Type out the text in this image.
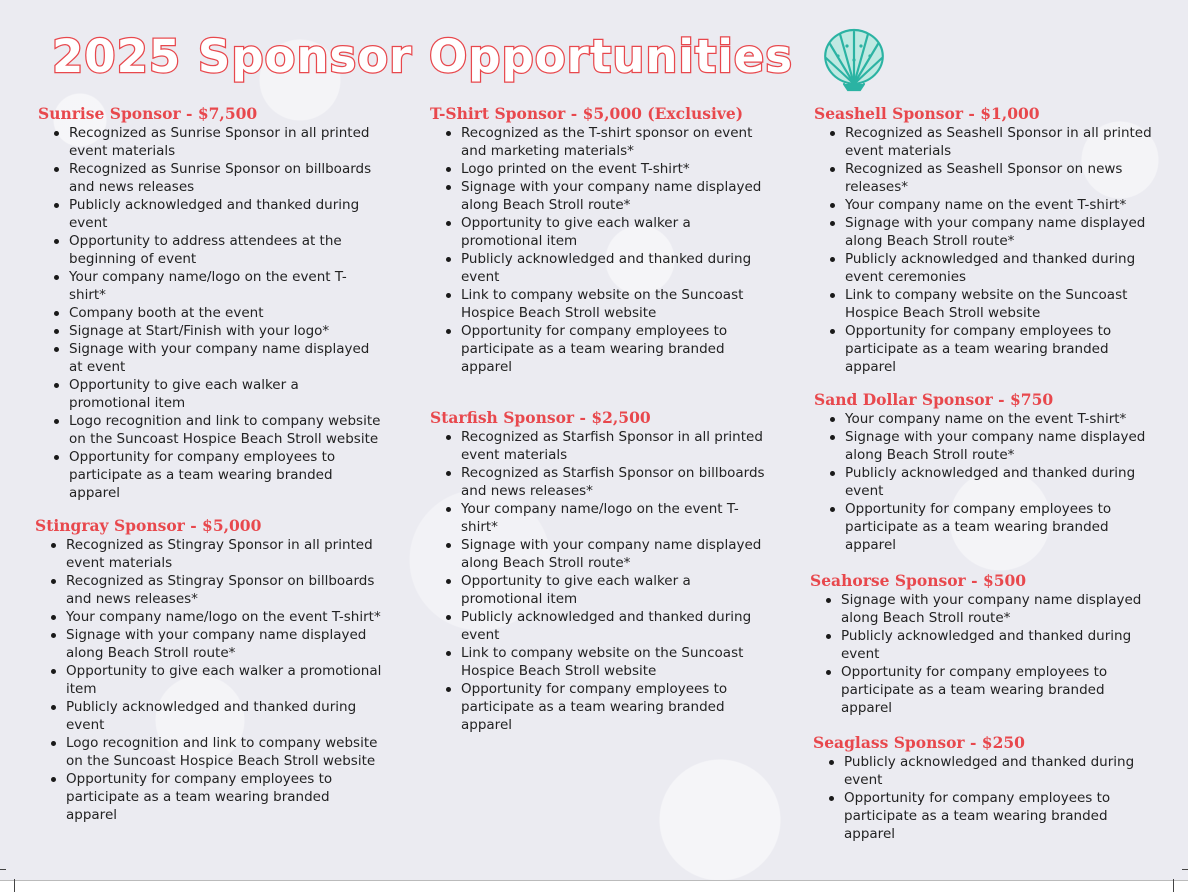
2025 Sponsor Opportunities
Sunrise Sponsor - $7,500
Recognized as Sunrise Sponsor in all printed event materials
Recognized as Sunrise Sponsor on billboards and news releases
Publicly acknowledged and thanked during event
Opportunity to address attendees at the beginning of event
Your company name/logo on the event T-shirt*
Company booth at the event
Signage at Start/Finish with your logo*
Signage with your company name displayed at event
Opportunity to give each walker a promotional item
Logo recognition and link to company website on the Suncoast Hospice Beach Stroll website
Opportunity for company employees to participate as a team wearing branded apparel
Stingray Sponsor - $5,000
Recognized as Stingray Sponsor in all printed event materials
Recognized as Stingray Sponsor on billboards and news releases*
Your company name/logo on the event T-shirt*
Signage with your company name displayed along Beach Stroll route*
Opportunity to give each walker a promotional item
Publicly acknowledged and thanked during event
Logo recognition and link to company website on the Suncoast Hospice Beach Stroll website
Opportunity for company employees to participate as a team wearing branded apparel
T-Shirt Sponsor - $5,000 (Exclusive)
Recognized as the T-shirt sponsor on event and marketing materials*
Logo printed on the event T-shirt*
Signage with your company name displayed along Beach Stroll route*
Opportunity to give each walker a promotional item
Publicly acknowledged and thanked during event
Link to company website on the Suncoast Hospice Beach Stroll website
Opportunity for company employees to participate as a team wearing branded apparel
Starfish Sponsor - $2,500
Recognized as Starfish Sponsor in all printed event materials
Recognized as Starfish Sponsor on billboards and news releases*
Your company name/logo on the event T-shirt*
Signage with your company name displayed along Beach Stroll route*
Opportunity to give each walker a promotional item
Publicly acknowledged and thanked during event
Link to company website on the Suncoast Hospice Beach Stroll website
Opportunity for company employees to participate as a team wearing branded apparel
Seashell Sponsor - $1,000
Recognized as Seashell Sponsor in all printed event materials
Recognized as Seashell Sponsor on news releases*
Your company name on the event T-shirt*
Signage with your company name displayed along Beach Stroll route*
Publicly acknowledged and thanked during event ceremonies
Link to company website on the Suncoast Hospice Beach Stroll website
Opportunity for company employees to participate as a team wearing branded apparel
Sand Dollar Sponsor - $750
Your company name on the event T-shirt*
Signage with your company name displayed along Beach Stroll route*
Publicly acknowledged and thanked during event
Opportunity for company employees to participate as a team wearing branded apparel
Seahorse Sponsor - $500
Signage with your company name displayed along Beach Stroll route*
Publicly acknowledged and thanked during event
Opportunity for company employees to participate as a team wearing branded apparel
Seaglass Sponsor - $250
Publicly acknowledged and thanked during event
Opportunity for company employees to participate as a team wearing branded apparel
